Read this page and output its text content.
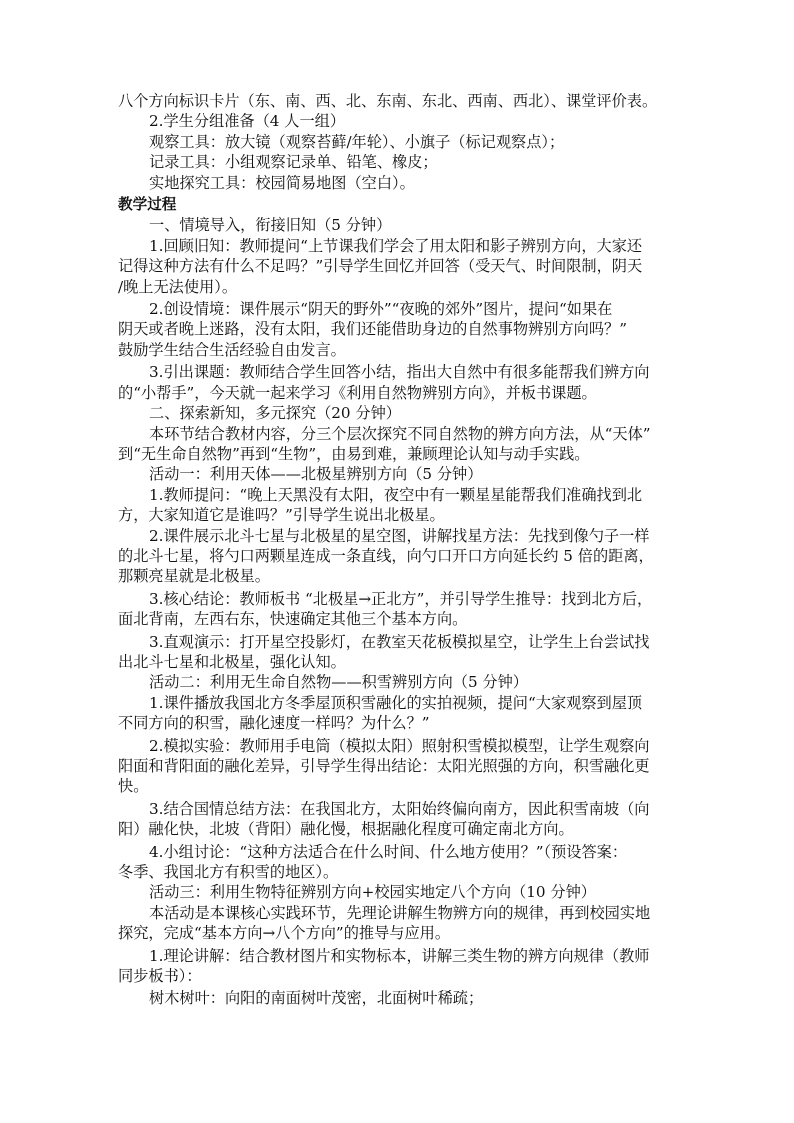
八个方向标识卡片（东、南、西、北、东南、东北、西南、西北）、课堂评价表。
2.学生分组准备（4 人一组）
观察工具：放大镜（观察苔藓/年轮）、小旗子（标记观察点）；
记录工具：小组观察记录单、铅笔、橡皮；
实地探究工具：校园简易地图（空白）。
教学过程
一、情境导入，衔接旧知（5 分钟）
1.回顾旧知：教师提问“上节课我们学会了用太阳和影子辨别方向，大家还
记得这种方法有什么不足吗？”引导学生回忆并回答（受天气、时间限制，阴天
/晚上无法使用）。
2.创设情境：课件展示“阴天的野外”“夜晚的郊外”图片，提问“如果在
阴天或者晚上迷路，没有太阳，我们还能借助身边的自然事物辨别方向吗？”
鼓励学生结合生活经验自由发言。
3.引出课题：教师结合学生回答小结，指出大自然中有很多能帮我们辨方向
的“小帮手”，今天就一起来学习《利用自然物辨别方向》，并板书课题。
二、探索新知，多元探究（20 分钟）
本环节结合教材内容，分三个层次探究不同自然物的辨方向方法，从“天体”
到“无生命自然物”再到“生物”，由易到难，兼顾理论认知与动手实践。
活动一：利用天体——北极星辨别方向（5 分钟）
1.教师提问：“晚上天黑没有太阳，夜空中有一颗星星能帮我们准确找到北
方，大家知道它是谁吗？”引导学生说出北极星。
2.课件展示北斗七星与北极星的星空图，讲解找星方法：先找到像勺子一样
的北斗七星，将勺口两颗星连成一条直线，向勺口开口方向延长约 5 倍的距离，
那颗亮星就是北极星。
3.核心结论：教师板书 “北极星→正北方”，并引导学生推导：找到北方后，
面北背南，左西右东，快速确定其他三个基本方向。
3.直观演示：打开星空投影灯，在教室天花板模拟星空，让学生上台尝试找
出北斗七星和北极星，强化认知。
活动二：利用无生命自然物——积雪辨别方向（5 分钟）
1.课件播放我国北方冬季屋顶积雪融化的实拍视频，提问“大家观察到屋顶
不同方向的积雪，融化速度一样吗？为什么？”
2.模拟实验：教师用手电筒（模拟太阳）照射积雪模拟模型，让学生观察向
阳面和背阳面的融化差异，引导学生得出结论：太阳光照强的方向，积雪融化更
快。
3.结合国情总结方法：在我国北方，太阳始终偏向南方，因此积雪南坡（向
阳）融化快，北坡（背阳）融化慢，根据融化程度可确定南北方向。
4.小组讨论：“这种方法适合在什么时间、什么地方使用？”（预设答案：
冬季、我国北方有积雪的地区）。
活动三：利用生物特征辨别方向+校园实地定八个方向（10 分钟）
本活动是本课核心实践环节，先理论讲解生物辨方向的规律，再到校园实地
探究，完成“基本方向→八个方向”的推导与应用。
1.理论讲解：结合教材图片和实物标本，讲解三类生物的辨方向规律（教师
同步板书）：
树木树叶：向阳的南面树叶茂密，北面树叶稀疏；
